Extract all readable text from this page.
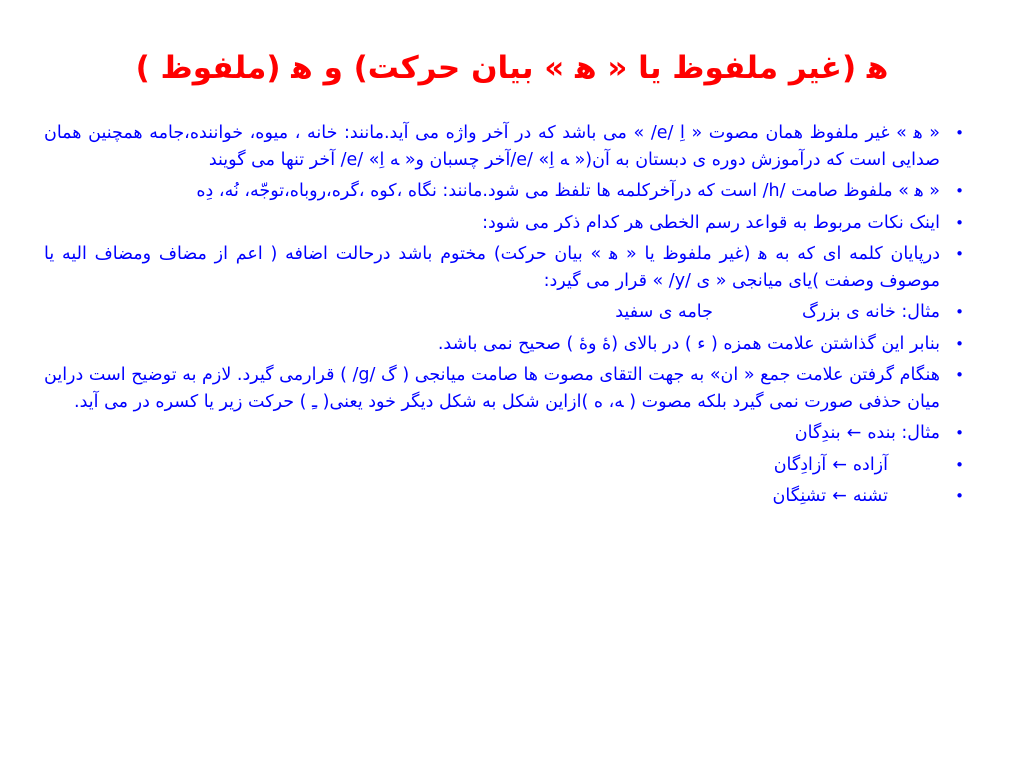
ﻫ (غیر ملفوظ یا « ﻫ » بیان حرکت) و ﻫ (ملفوظ )
•
« ﻫ » غیر ملفوظ همان مصوت « اِ /e/ » می باشد که در آخر واژه می آید.مانند: خانه ، میوه، خواننده،جامه همچنین همان صدایی است که درآموزش دوره ی دبستان به آن(« ﻪ اِ» /e/آخر چسبان و« ﻪ اِ» /e/ آخر تنها می گویند
•
« ﻫ » ملفوظ صامت /h/ است که درآخرکلمه ها تلفظ می شود.مانند: نگاه ،کوه ،گره،روباه،توجّه، نُه، دِه
•
اینک نکات مربوط به قواعد رسم الخطی هر کدام ذکر می شود:
•
درپایان کلمه ای که به ﻫ (غیر ملفوظ یا « ﻫ » بیان حرکت) مختوم باشد درحالت اضافه ( اعم از مضاف ومضاف الیه یا موصوف وصفت )یای میانجی « ی /y/ » قرار می گیرد:
•
مثال: خانه ی بزرگ                جامه ی سفید
•
بنابر این گذاشتن علامت همزه ( ء ) در بالای (هٔ وۀ ) صحیح نمی باشد.
•
هنگام گرفتن علامت جمع « ان» به جهت التقای مصوت ها صامت میانجی ( گ /g/ ) قرارمی گیرد. لازم به توضیح است دراین میان حذفی صورت نمی گیرد بلکه مصوت ( ﻪ، ﻩ )ازاین شکل به شکل دیگر خود یعنی( ـِ ) حرکت زیر یا کسره در می آید.
•
مثال: بنده←بندِگان
•
آزاده←آزادِگان
•
تشنه←تشنِگان
